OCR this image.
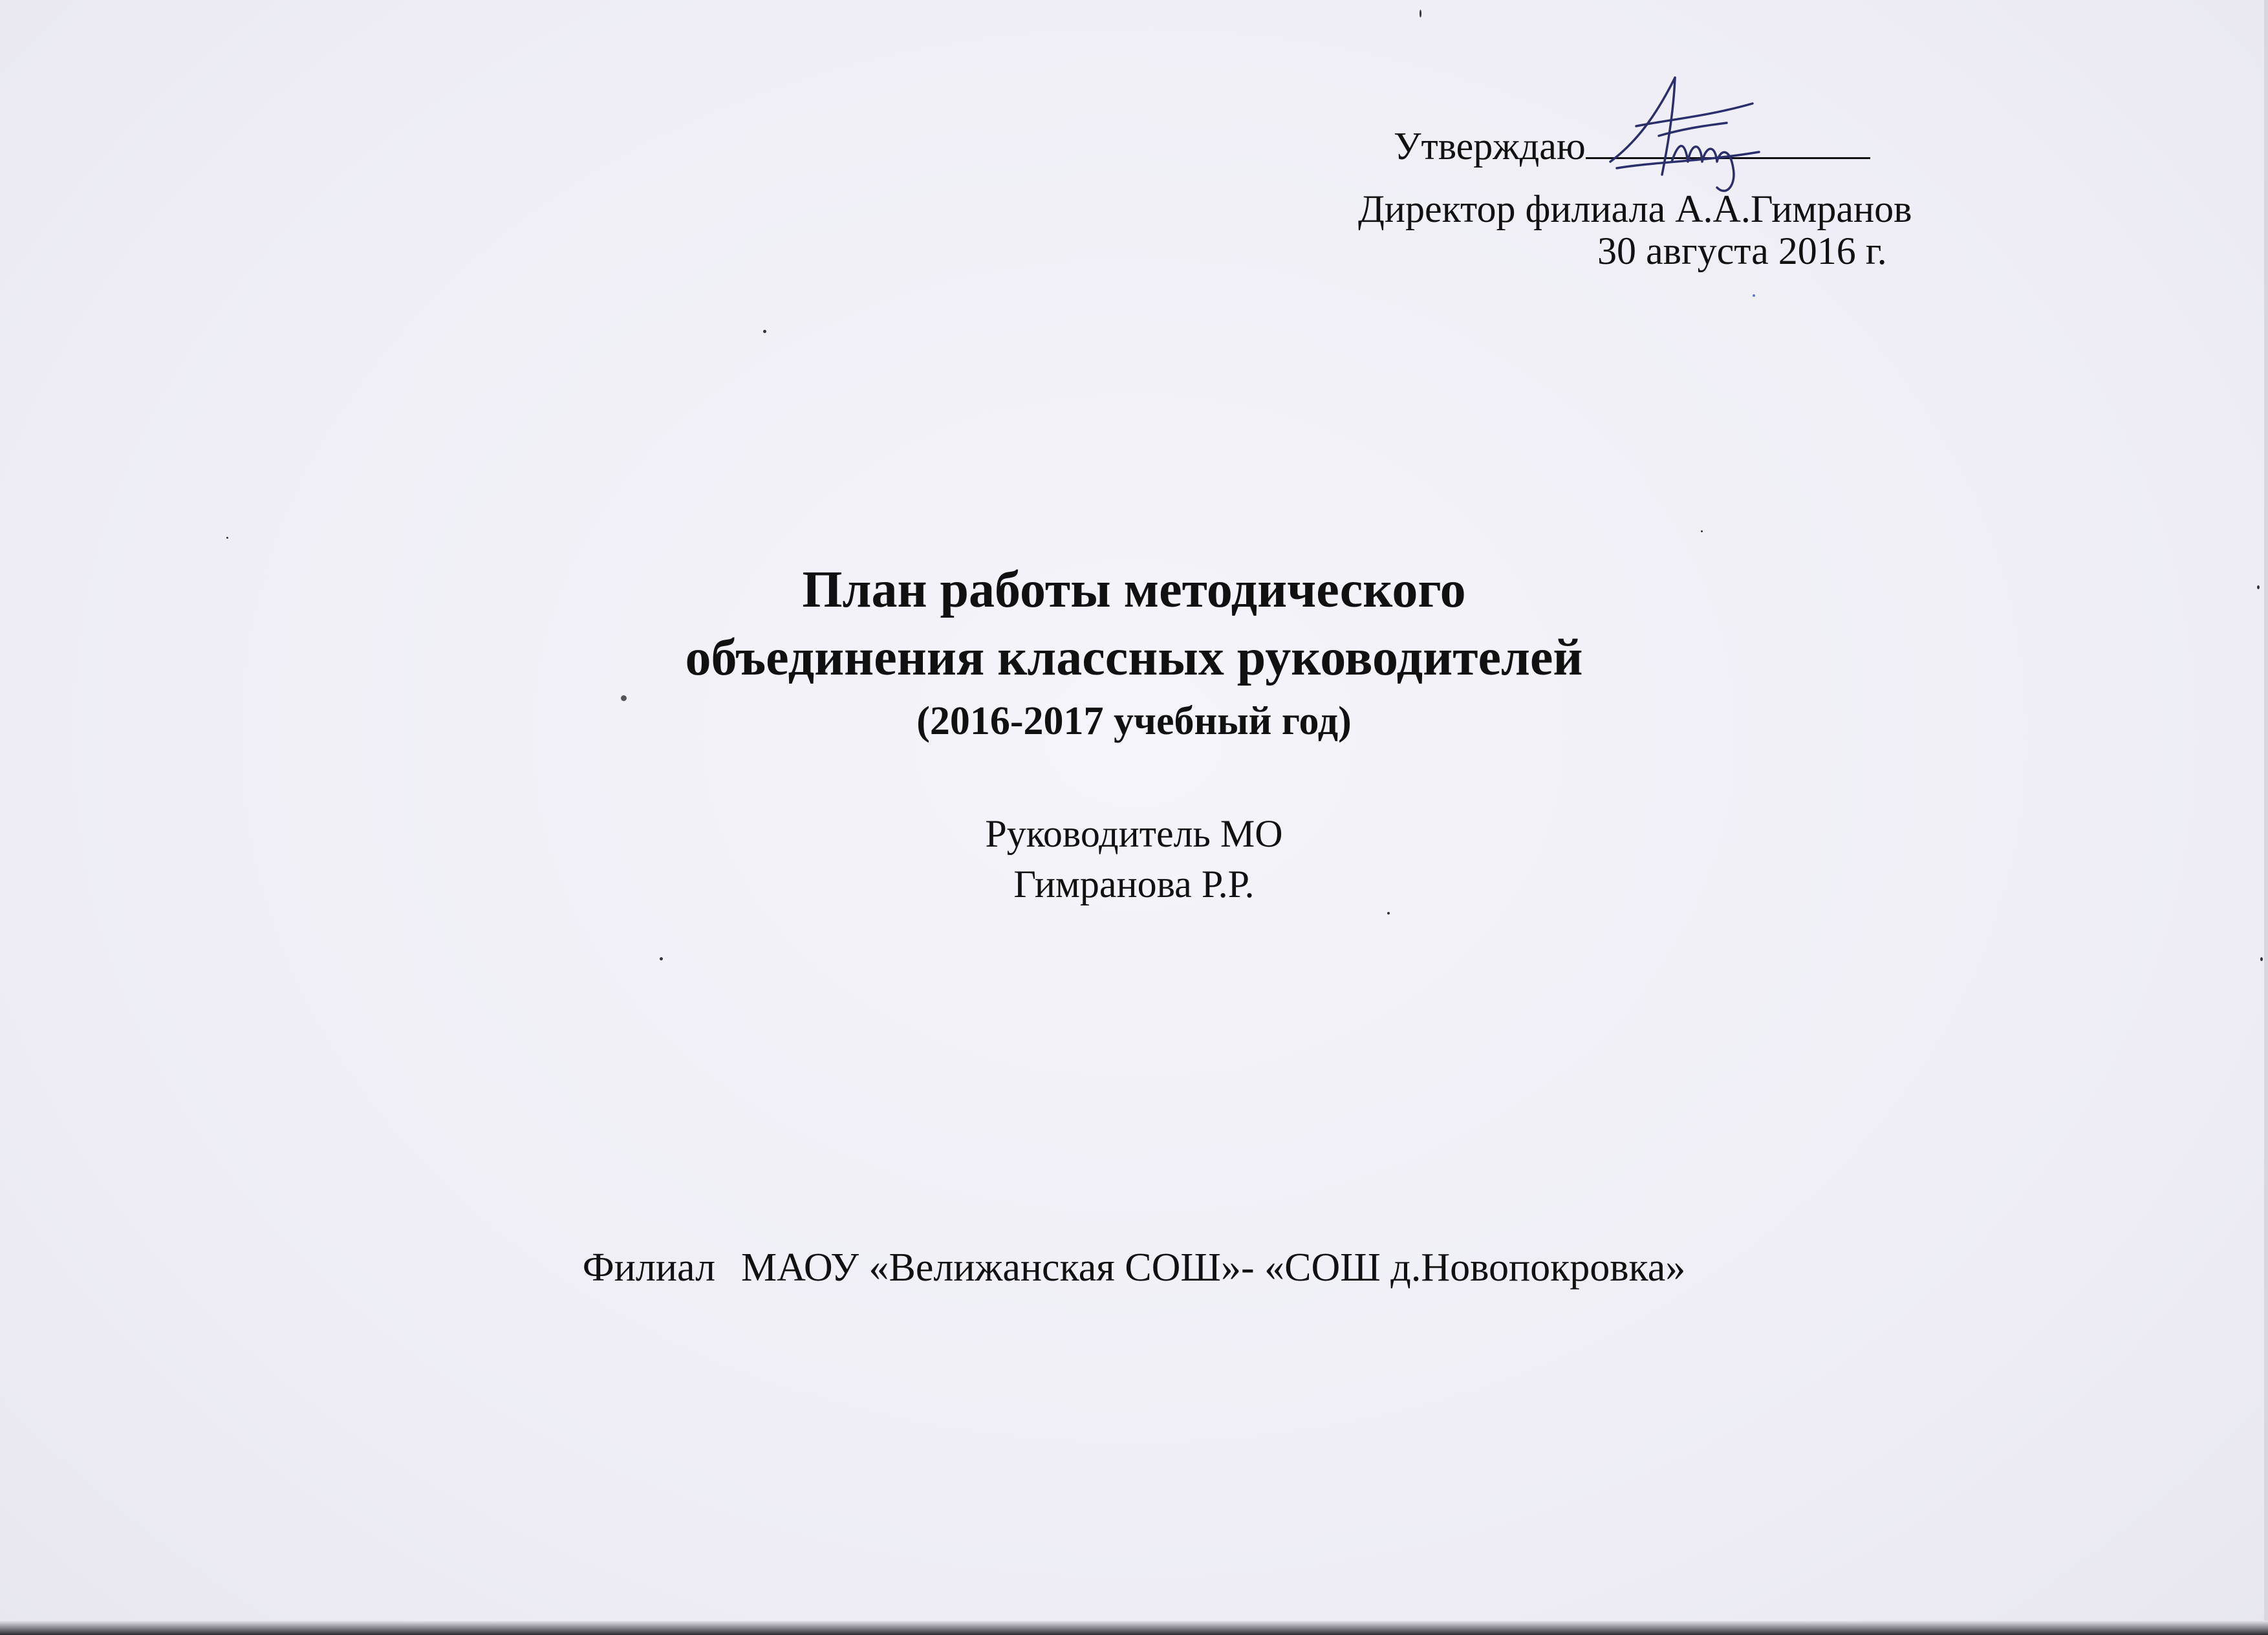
Утверждаю
Директор филиала А.А.Гимранов
30 августа 2016 г.
План работы методического
объединения классных руководителей
(2016-2017 учебный год)
Руководитель МО
Гимранова Р.Р.
Филиал МАОУ «Велижанская СОШ»- «СОШ д.Новопокровка»
